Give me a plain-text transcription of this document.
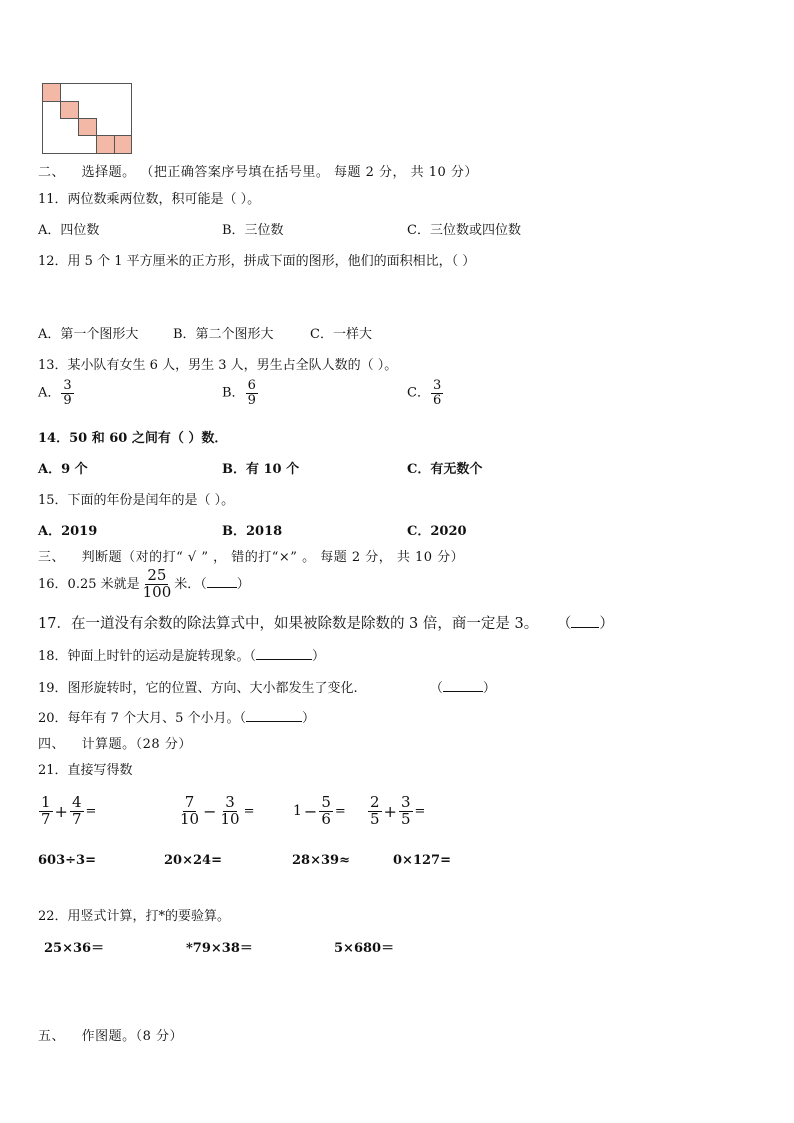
二、 选择题。 （把正确答案序号填在括号里。 每题 2 分， 共 10 分）
11．两位数乘两位数，积可能是（ ）。
A．四位数	B．三位数	C．三位数或四位数
12．用 5 个 1 平方厘米的正方形，拼成下面的图形，他们的面积相比，（ ）
A．第一个图形大	B．第二个图形大	C．一样大
13．某小队有女生 6 人，男生 3 人，男生占全队人数的（ ）。
A． $\frac{3}{9}$	B． $\frac{6}{9}$	C． $\frac{3}{6}$
14．50 和 60 之间有（ ）数．
A．9 个	B．有 10 个	C．有无数个
15．下面的年份是闰年的是（ ）。
A．2019	B．2018	C．2020
三、 判断题（对的打“ √ ” ， 错的打“×” 。 每题 2 分， 共 10 分）
16．0.25 米就是 $\frac{25}{100}$ 米．（ ）
17．在一道没有余数的除法算式中，如果被除数是除数的 3 倍，商一定是 3。 （ ）
18．钟面上时针的运动是旋转现象。（	）
19．图形旋转时，它的位置、方向、大小都发生了变化.	（	）
20．每年有 7 个大月、5 个小月。（	）
四、 计算题。（28 分）
21．直接写得数
$\frac{1}{7} + \frac{4}{7}$ =	$\frac{7}{10} - \frac{3}{10}$ =	$1 - \frac{5}{6} = \frac{2}{5} + \frac{3}{5}$ =
603÷3=	20×24=	28×39≈	0×127=
22．用竖式计算，打*的要验算。
25×36＝	*79×38＝	5×680＝
五、 作图题。（8 分）
